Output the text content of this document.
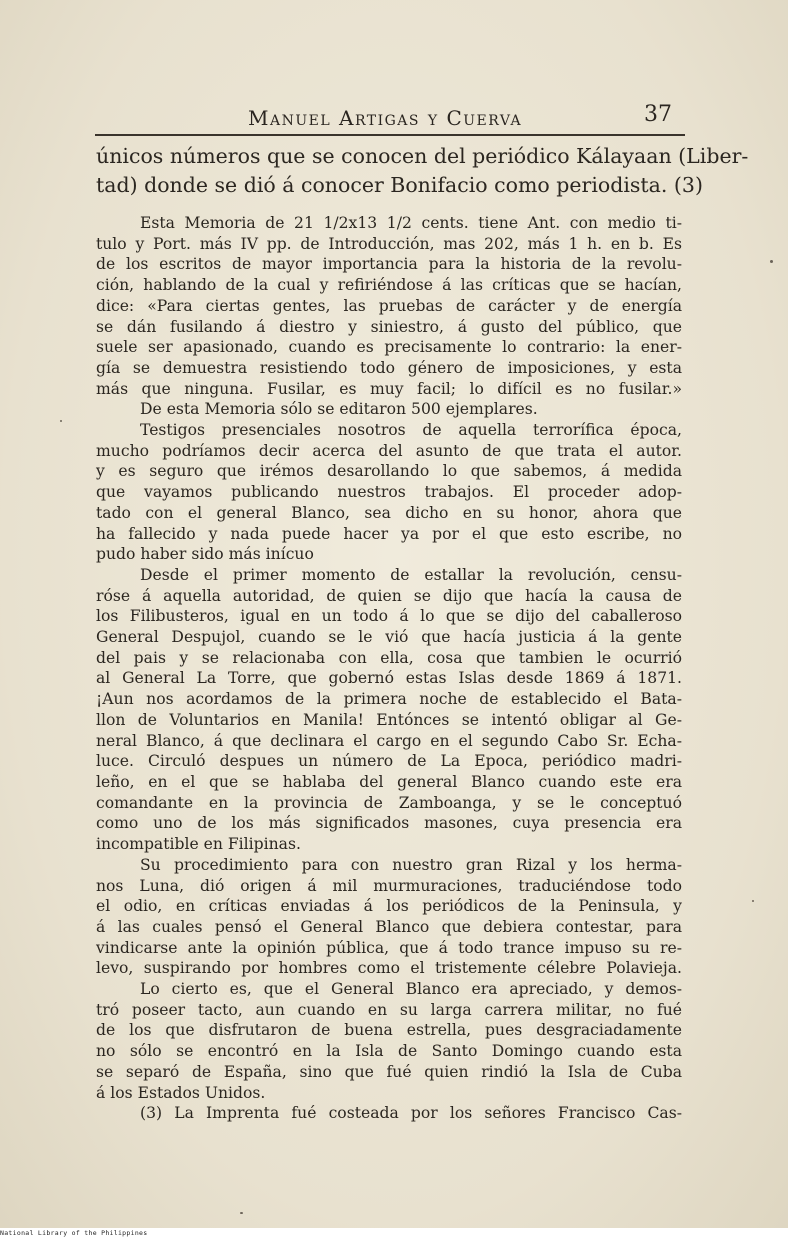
Manuel Artigas y Cuerva	37
únicos números que se conocen del periódico Kálayaan (Liber-
tad) donde se dió á conocer Bonifacio como periodista. (3)
Esta Memoria de 21 1/2x13 1/2 cents. tiene Ant. con medio ti-
tulo y Port. más IV pp. de Introducción, mas 202, más 1 h. en b. Es
de los escritos de mayor importancia para la historia de la revolu-
ción, hablando de la cual y refiriéndose á las críticas que se hacían,
dice: «Para ciertas gentes, las pruebas de carácter y de energía
se dán fusilando á diestro y siniestro, á gusto del público, que
suele ser apasionado, cuando es precisamente lo contrario: la ener-
gía se demuestra resistiendo todo género de imposiciones, y esta
más que ninguna. Fusilar, es muy facil; lo difícil es no fusilar.»
De esta Memoria sólo se editaron 500 ejemplares.
Testigos presenciales nosotros de aquella terrorífica época,
mucho podríamos decir acerca del asunto de que trata el autor.
y es seguro que irémos desarollando lo que sabemos, á medida
que vayamos publicando nuestros trabajos. El proceder adop-
tado con el general Blanco, sea dicho en su honor, ahora que
ha fallecido y nada puede hacer ya por el que esto escribe, no
pudo haber sido más inícuo
Desde el primer momento de estallar la revolución, censu-
róse á aquella autoridad, de quien se dijo que hacía la causa de
los Filibusteros, igual en un todo á lo que se dijo del caballeroso
General Despujol, cuando se le vió que hacía justicia á la gente
del pais y se relacionaba con ella, cosa que tambien le ocurrió
al General La Torre, que gobernó estas Islas desde 1869 á 1871.
¡Aun nos acordamos de la primera noche de establecido el Bata-
llon de Voluntarios en Manila! Entónces se intentó obligar al Ge-
neral Blanco, á que declinara el cargo en el segundo Cabo Sr. Echa-
luce. Circuló despues un número de La Epoca, periódico madri-
leño, en el que se hablaba del general Blanco cuando este era
comandante en la provincia de Zamboanga, y se le conceptuó
como uno de los más significados masones, cuya presencia era
incompatible en Filipinas.
Su procedimiento para con nuestro gran Rizal y los herma-
nos Luna, dió origen á mil murmuraciones, traduciéndose todo
el odio, en críticas enviadas á los periódicos de la Peninsula, y
á las cuales pensó el General Blanco que debiera contestar, para
vindicarse ante la opinión pública, que á todo trance impuso su re-
levo, suspirando por hombres como el tristemente célebre Polavieja.
Lo cierto es, que el General Blanco era apreciado, y demos-
tró poseer tacto, aun cuando en su larga carrera militar, no fué
de los que disfrutaron de buena estrella, pues desgraciadamente
no sólo se encontró en la Isla de Santo Domingo cuando esta
se separó de España, sino que fué quien rindió la Isla de Cuba
á los Estados Unidos.
(3) La Imprenta fué costeada por los señores Francisco Cas-
National Library of the Philippines
